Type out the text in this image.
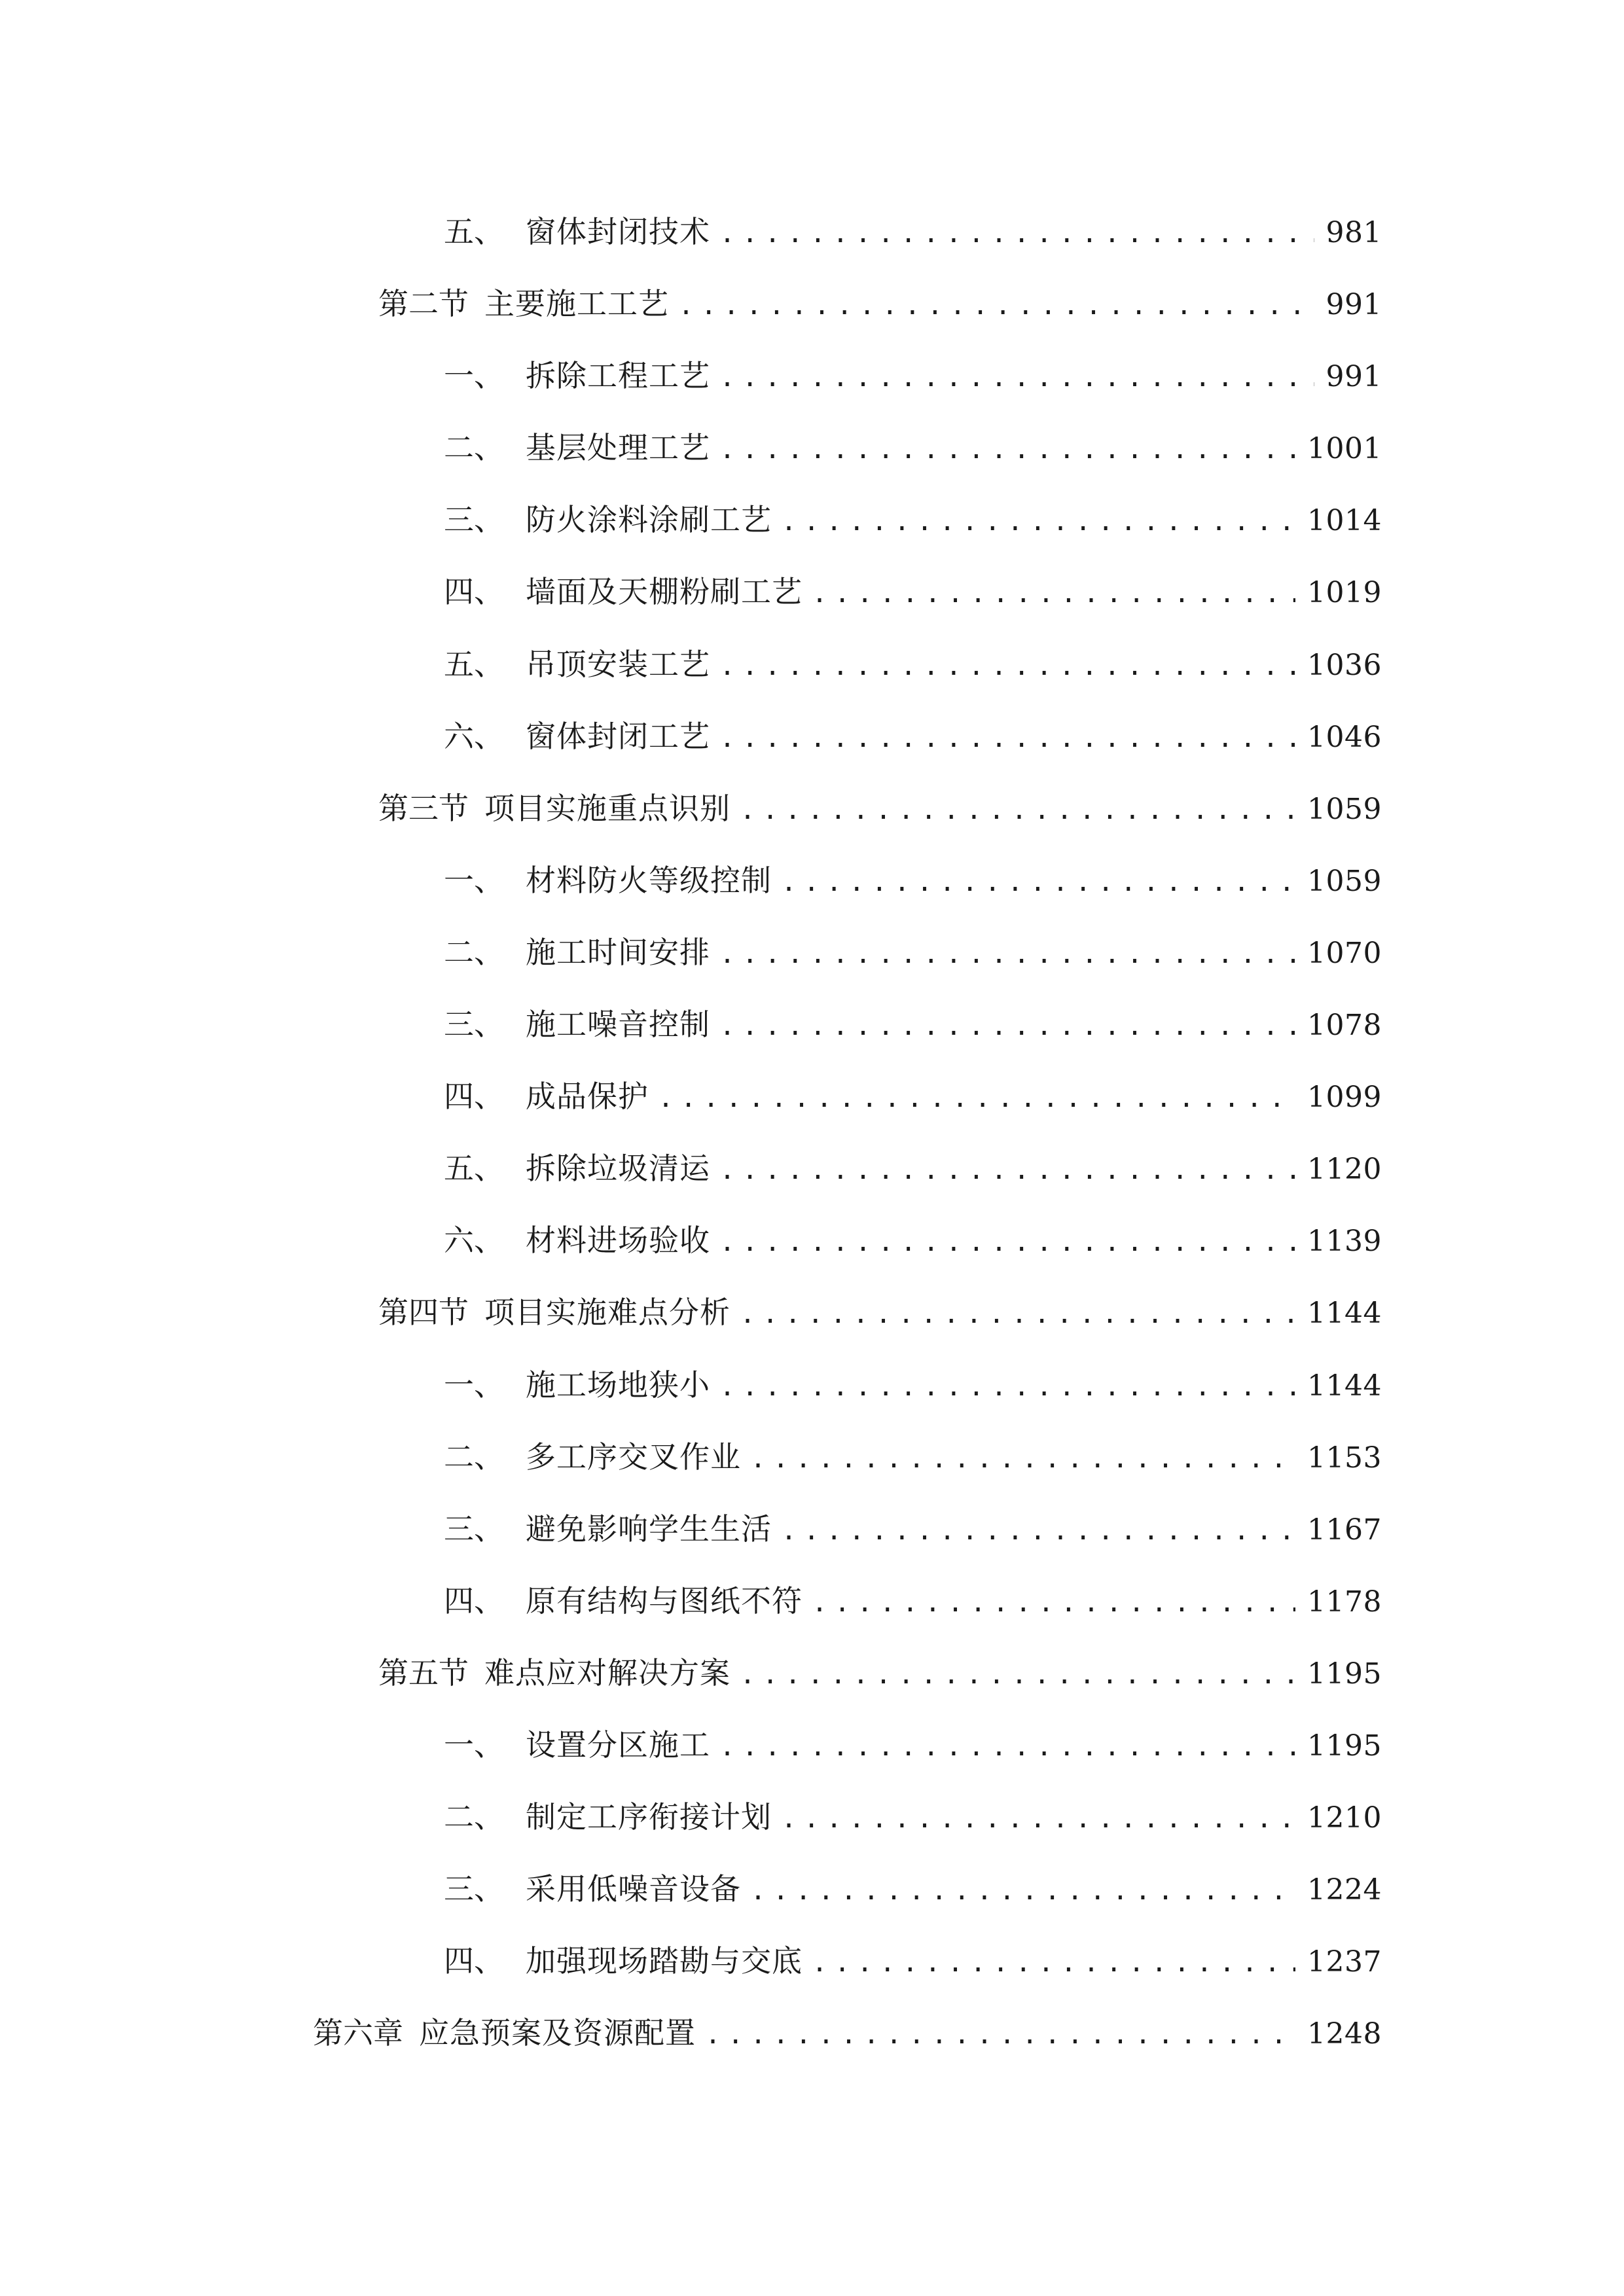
五、 窗体封闭技术 .....	981
第二节 主要施工工艺 .....	991
一、 拆除工程工艺 .....	991
二、 基层处理工艺 .....	1001
三、 防火涂料涂刷工艺 .....	1014
四、 墙面及天棚粉刷工艺 .....	1019
五、 吊顶安装工艺 .....	1036
六、 窗体封闭工艺 .....	1046
第三节 项目实施重点识别 .....	1059
一、 材料防火等级控制 .....	1059
二、 施工时间安排 .....	1070
三、 施工噪音控制 .....	1078
四、 成品保护 .....	1099
五、 拆除垃圾清运 .....	1120
六、 材料进场验收 .....	1139
第四节 项目实施难点分析 .....	1144
一、 施工场地狭小 .....	1144
二、 多工序交叉作业 .....	1153
三、 避免影响学生生活 .....	1167
四、 原有结构与图纸不符 .....	1178
第五节 难点应对解决方案 .....	1195
一、 设置分区施工 .....	1195
二、 制定工序衔接计划 .....	1210
三、 采用低噪音设备 .....	1224
四、 加强现场踏勘与交底 .....	1237
第六章 应急预案及资源配置 .....	1248
